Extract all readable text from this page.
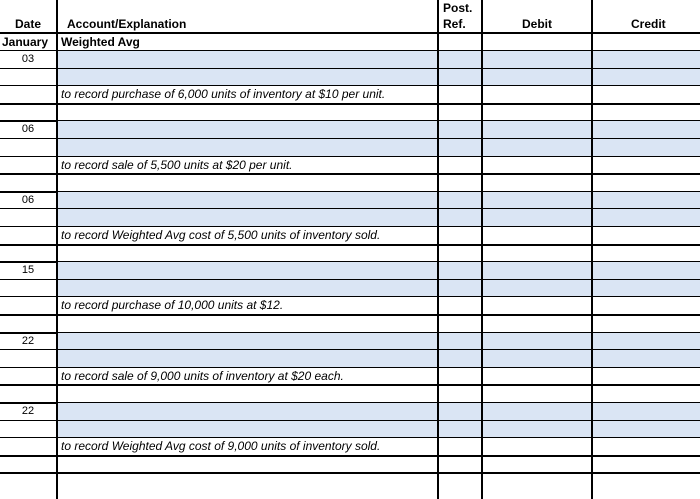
Date Account/Explanation
Post.
Ref.	Debit	Credit
January Weighted Avg
03
to record purchase of 6,000 units of inventory at $10 per unit.
06
to record sale of 5,500 units at $20 per unit.
06
to record Weighted Avg cost of 5,500 units of inventory sold.
15
to record purchase of 10,000 units at $12.
22
to record sale of 9,000 units of inventory at $20 each.
22
to record Weighted Avg cost of 9,000 units of inventory sold.
